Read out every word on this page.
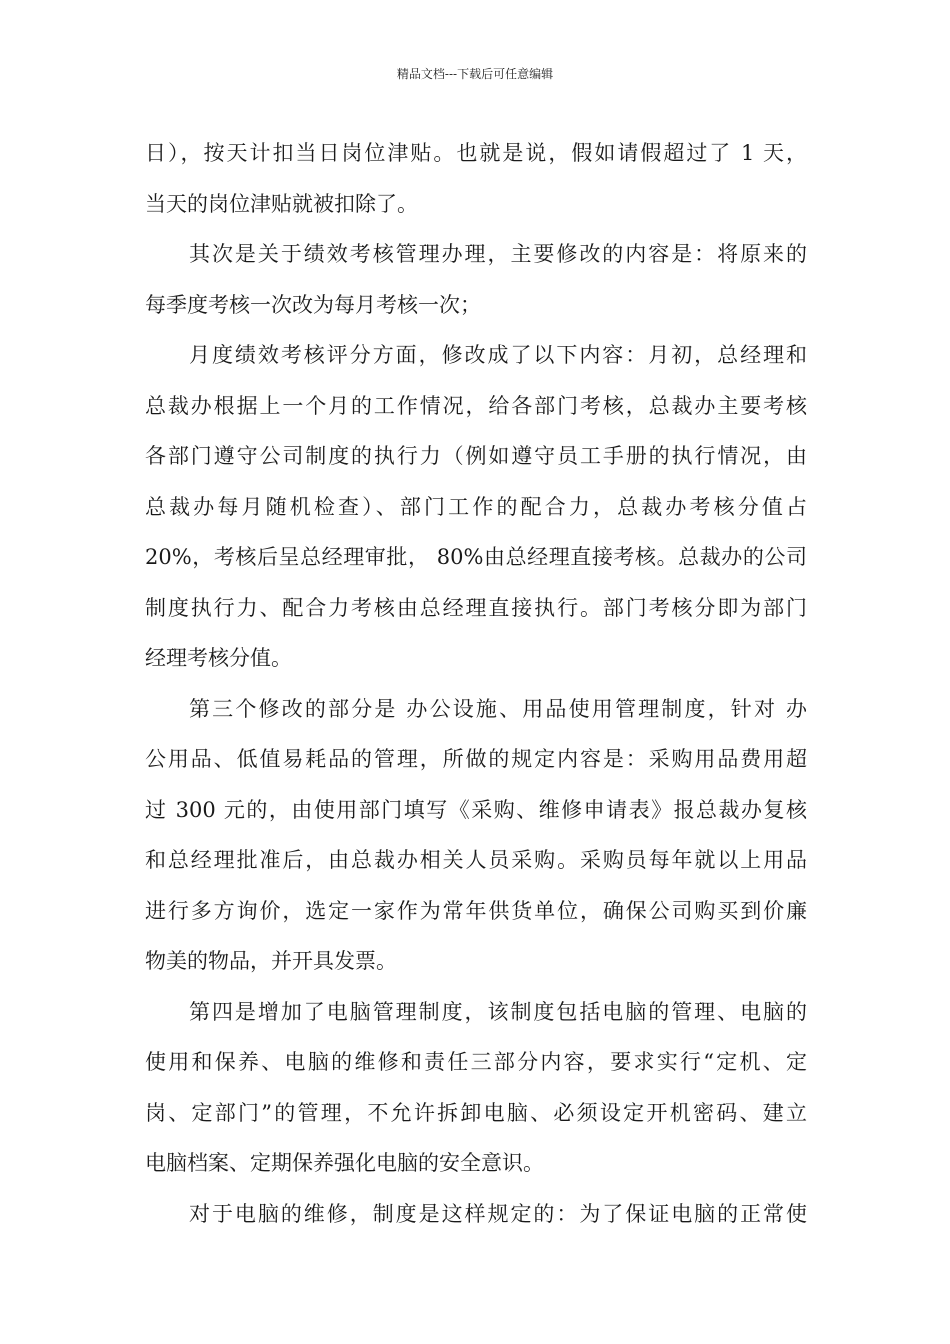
精品文档---下载后可任意编辑
日），按天计扣当日岗位津贴。也就是说，假如请假超过了 1 天，
当天的岗位津贴就被扣除了。
其次是关于绩效考核管理办理，主要修改的内容是：将原来的
每季度考核一次改为每月考核一次；
月度绩效考核评分方面，修改成了以下内容：月初，总经理和
总裁办根据上一个月的工作情况，给各部门考核，总裁办主要考核
各部门遵守公司制度的执行力（例如遵守员工手册的执行情况，由
总裁办每月随机检查）、部门工作的配合力，总裁办考核分值占
20%，考核后呈总经理审批， 80%由总经理直接考核。总裁办的公司
制度执行力、配合力考核由总经理直接执行。部门考核分即为部门
经理考核分值。
第三个修改的部分是 办公设施、用品使用管理制度，针对 办
公用品、低值易耗品的管理，所做的规定内容是：采购用品费用超
过 300 元的，由使用部门填写《采购、维修申请表》报总裁办复核
和总经理批准后，由总裁办相关人员采购。采购员每年就以上用品
进行多方询价，选定一家作为常年供货单位，确保公司购买到价廉
物美的物品，并开具发票。
第四是增加了电脑管理制度，该制度包括电脑的管理、电脑的
使用和保养、电脑的维修和责任三部分内容，要求实行“定机、定
岗、定部门”的管理，不允许拆卸电脑、必须设定开机密码、建立
电脑档案、定期保养强化电脑的安全意识。
对于电脑的维修，制度是这样规定的：为了保证电脑的正常使
